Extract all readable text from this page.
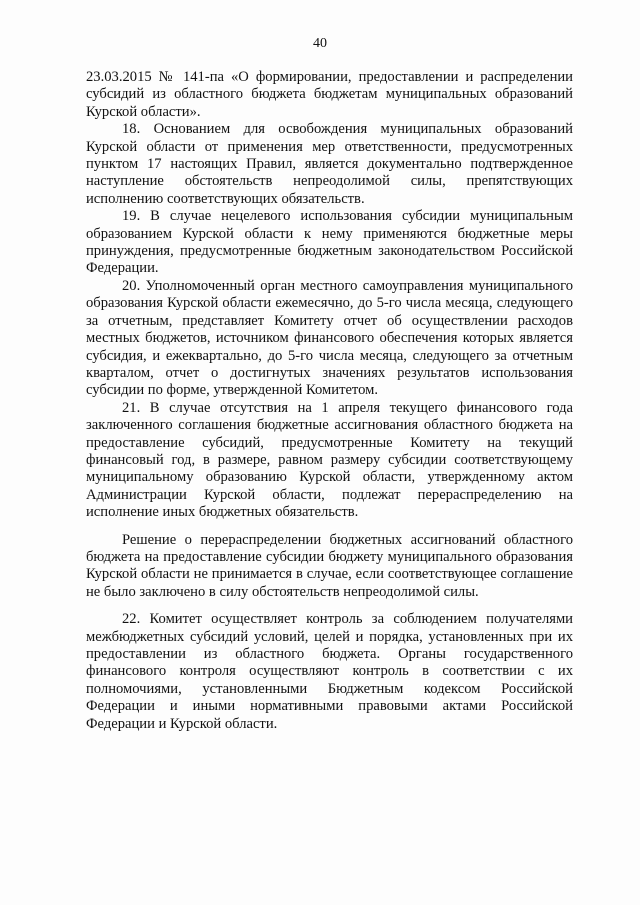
40

23.03.2015 № 141-па «О формировании, предоставлении и распределении субсидий из областного бюджета бюджетам муниципальных образований Курской области».

18. Основанием для освобождения муниципальных образований Курской области от применения мер ответственности, предусмотренных пунктом 17 настоящих Правил, является документально подтвержденное наступление обстоятельств непреодолимой силы, препятствующих исполнению соответствующих обязательств.

19. В случае нецелевого использования субсидии муниципальным образованием Курской области к нему применяются бюджетные меры принуждения, предусмотренные бюджетным законодательством Российской Федерации.

20. Уполномоченный орган местного самоуправления муниципального образования Курской области ежемесячно, до 5-го числа месяца, следующего за отчетным, представляет Комитету отчет об осуществлении расходов местных бюджетов, источником финансового обеспечения которых является субсидия, и ежеквартально, до 5-го числа месяца, следующего за отчетным кварталом, отчет о достигнутых значениях результатов использования субсидии по форме, утвержденной Комитетом.

21. В случае отсутствия на 1 апреля текущего финансового года заключенного соглашения бюджетные ассигнования областного бюджета на предоставление субсидий, предусмотренные Комитету на текущий финансовый год, в размере, равном размеру субсидии соответствующему муниципальному образованию Курской области, утвержденному актом Администрации Курской области, подлежат перераспределению на исполнение иных бюджетных обязательств.

Решение о перераспределении бюджетных ассигнований областного бюджета на предоставление субсидии бюджету муниципального образования Курской области не принимается в случае, если соответствующее соглашение не было заключено в силу обстоятельств непреодолимой силы.

22. Комитет осуществляет контроль за соблюдением получателями межбюджетных субсидий условий, целей и порядка, установленных при их предоставлении из областного бюджета. Органы государственного финансового контроля осуществляют контроль в соответствии с их полномочиями, установленными Бюджетным кодексом Российской Федерации и иными нормативными правовыми актами Российской Федерации и Курской области.
